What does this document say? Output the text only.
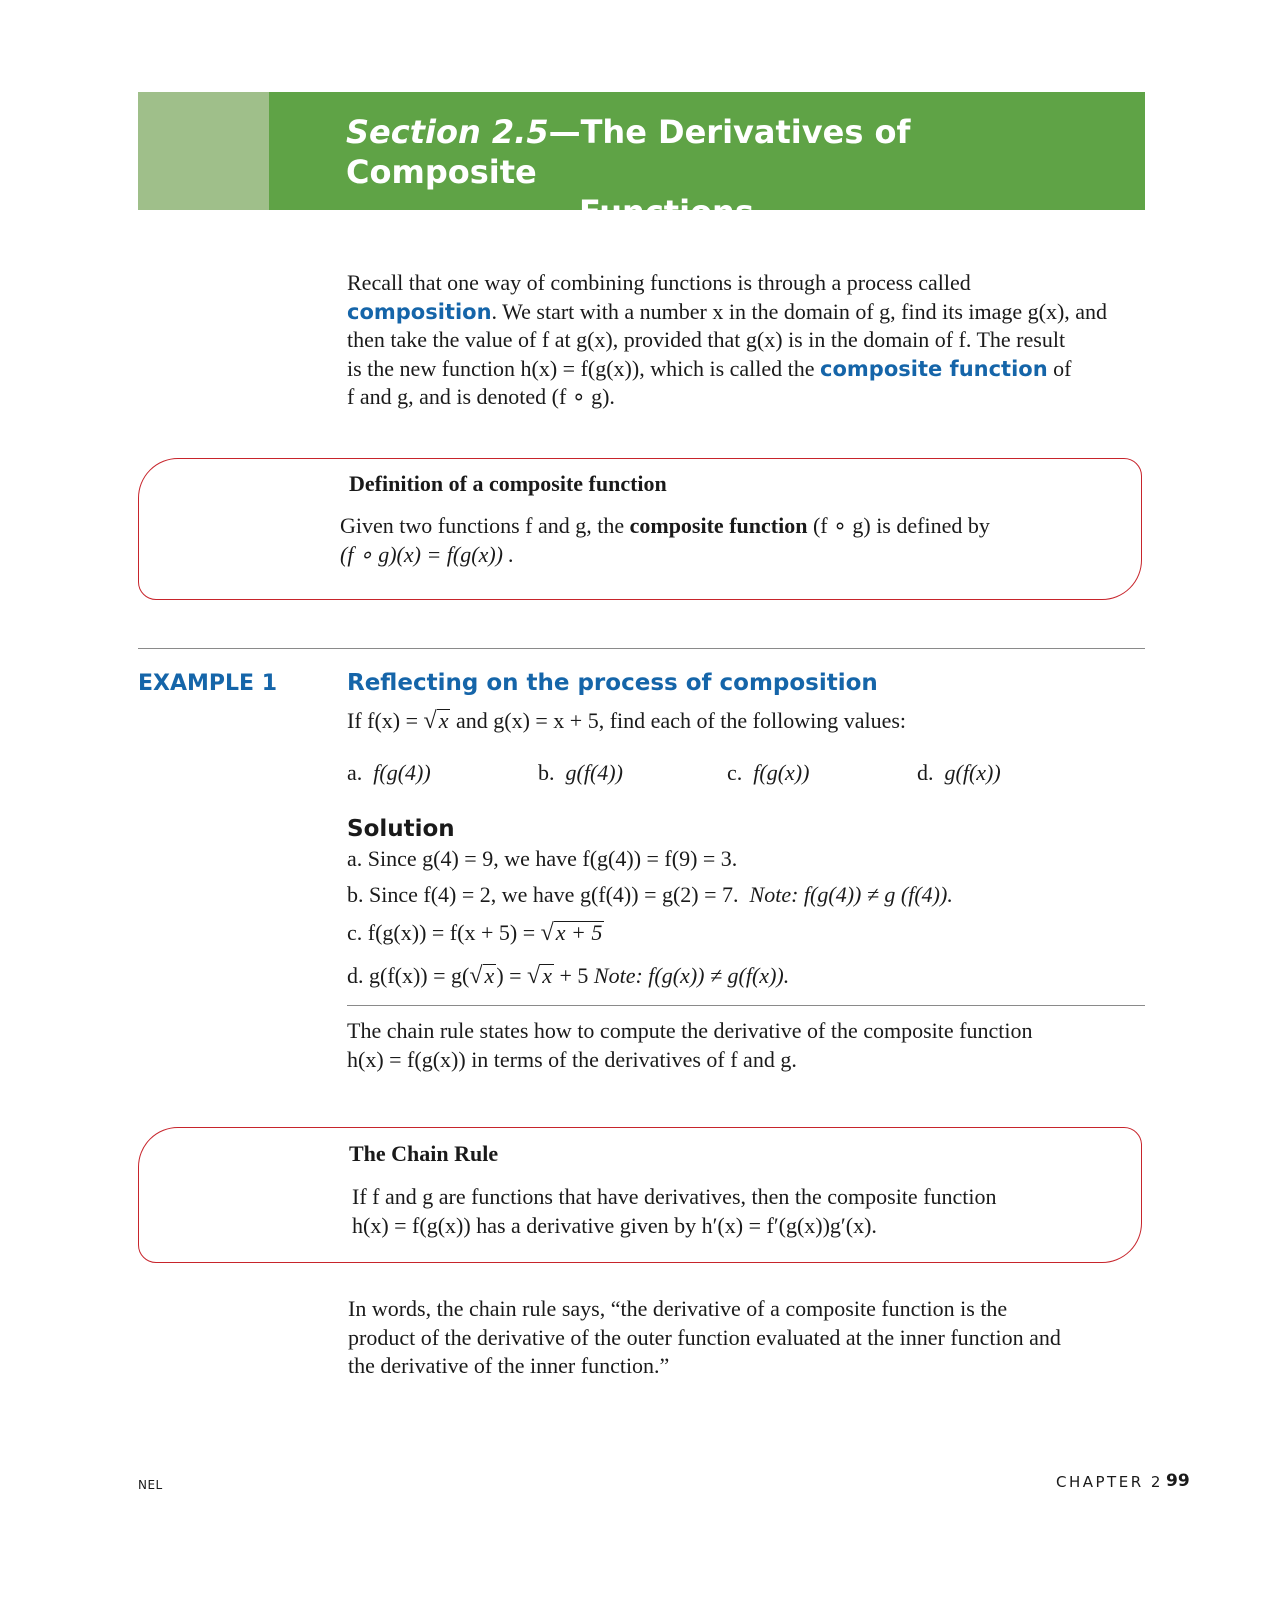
Section 2.5—The Derivatives of Composite
Functions
Recall that one way of combining functions is through a process called
composition. We start with a number x in the domain of g, find its image g(x), and
then take the value of f at g(x), provided that g(x) is in the domain of f. The result
is the new function h(x) = f(g(x)), which is called the composite function of
f and g, and is denoted (f ∘ g).
Definition of a composite function
Given two functions f and g, the composite function (f ∘ g) is defined by
(f ∘ g)(x) = f(g(x)) .
EXAMPLE 1	Reflecting on the process of composition
If f(x) = √x and g(x) = x + 5, find each of the following values:
a. f(g(4))	b. g(f(4))	c. f(g(x))	d. g(f(x))
Solution
a. Since g(4) = 9, we have f(g(4)) = f(9) = 3.
b. Since f(4) = 2, we have g(f(4)) = g(2) = 7. Note: f(g(4)) ≠ g (f(4)).
c. f(g(x)) = f(x + 5) = √x + 5
d. g(f(x)) = g(√x) = √x + 5 Note: f(g(x)) ≠ g(f(x)).
The chain rule states how to compute the derivative of the composite function
h(x) = f(g(x)) in terms of the derivatives of f and g.
The Chain Rule
If f and g are functions that have derivatives, then the composite function
h(x) = f(g(x)) has a derivative given by h′(x) = f′(g(x))g′(x).
In words, the chain rule says, “the derivative of a composite function is the
product of the derivative of the outer function evaluated at the inner function and
the derivative of the inner function.”
NEL	CHAPTER 2 99
